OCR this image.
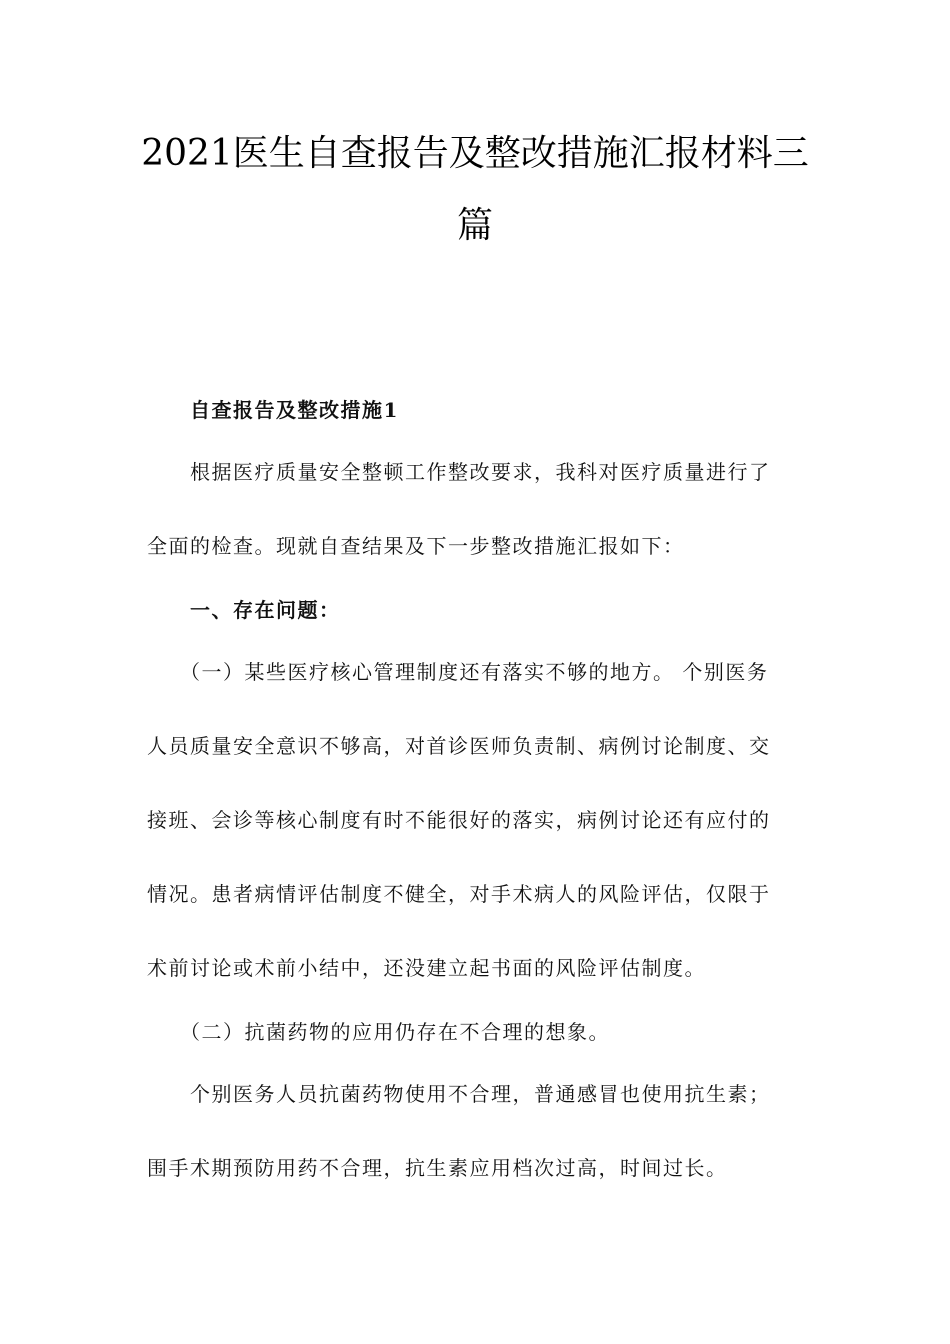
2021医生自查报告及整改措施汇报材料三
篇
自查报告及整改措施1
根据医疗质量安全整顿工作整改要求，我科对医疗质量进行了
全面的检查。现就自查结果及下一步整改措施汇报如下：
一、存在问题：
（一）某些医疗核心管理制度还有落实不够的地方。 个别医务
人员质量安全意识不够高，对首诊医师负责制、病例讨论制度、交
接班、会诊等核心制度有时不能很好的落实，病例讨论还有应付的
情况。患者病情评估制度不健全，对手术病人的风险评估，仅限于
术前讨论或术前小结中，还没建立起书面的风险评估制度。
（二）抗菌药物的应用仍存在不合理的想象。
个别医务人员抗菌药物使用不合理，普通感冒也使用抗生素；
围手术期预防用药不合理，抗生素应用档次过高，时间过长。
